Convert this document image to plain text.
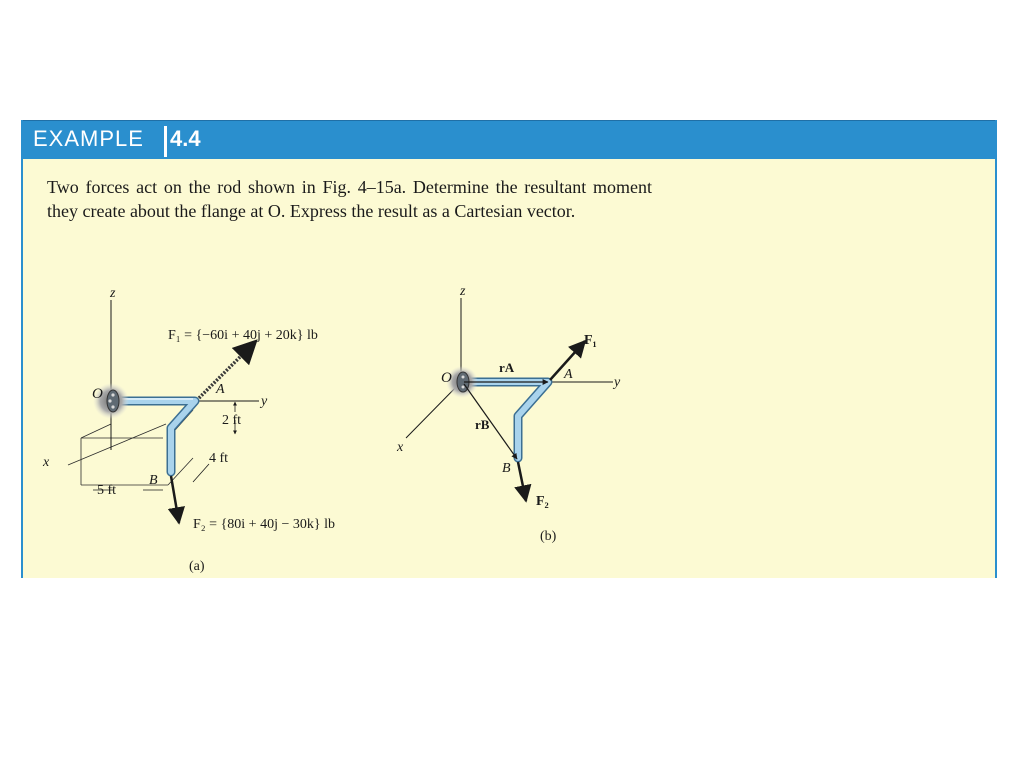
EXAMPLE 4.4

Two forces act on the rod shown in Fig. 4–15a. Determine the resultant moment they create about the flange at O. Express the result as a Cartesian vector.

z
y
x
O	A
B
F₁ = {−60i + 40j + 20k} lb
F₂ = {80i + 40j − 30k} lb
2 ft
4 ft
5 ft
(a)
z
y
x
O	A
B
rA
rB
F₁
F₂
(b)
